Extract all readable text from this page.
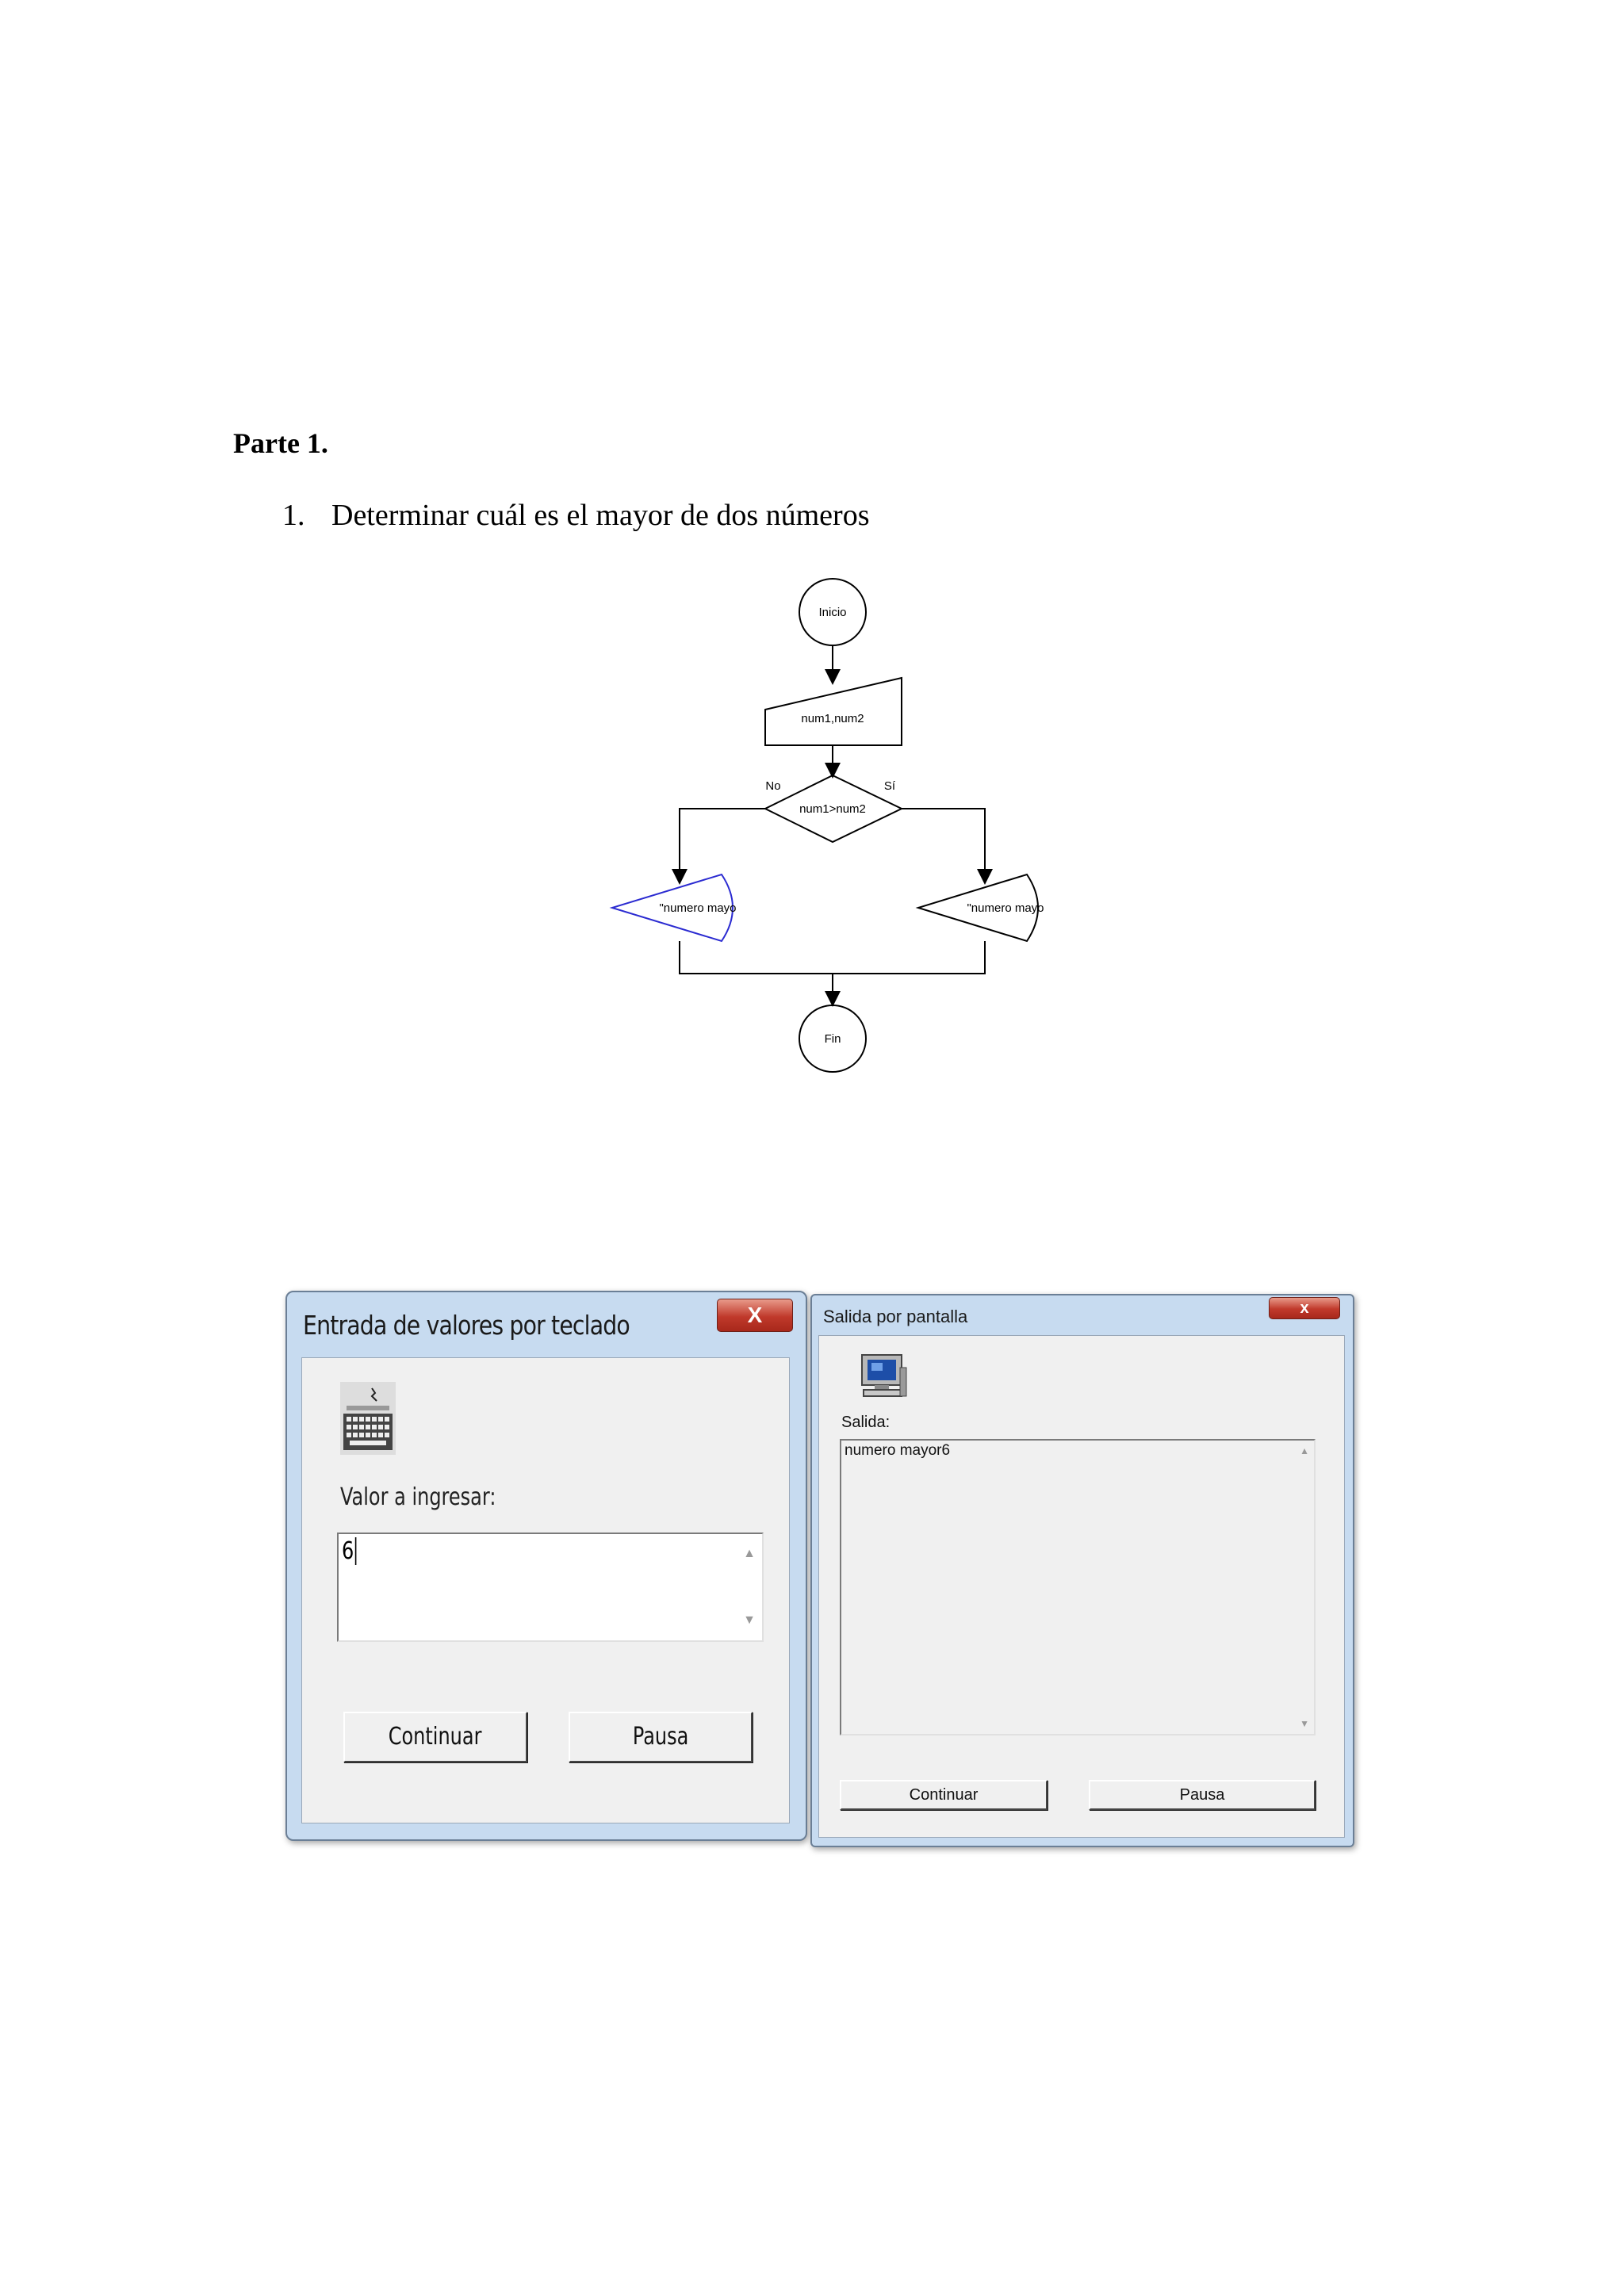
Parte 1.
1. Determinar cuál es el mayor de dos números
Inicio
num1,num2
num1>num2
No	Sí
"numero mayo	"numero mayo
Fin
Entrada de valores por teclado	X
Valor a ingresar:
6	▲
▼
Continuar	Pausa
Salida por pantalla	x
Salida:
numero mayor6	▲
▼
Continuar	Pausa
